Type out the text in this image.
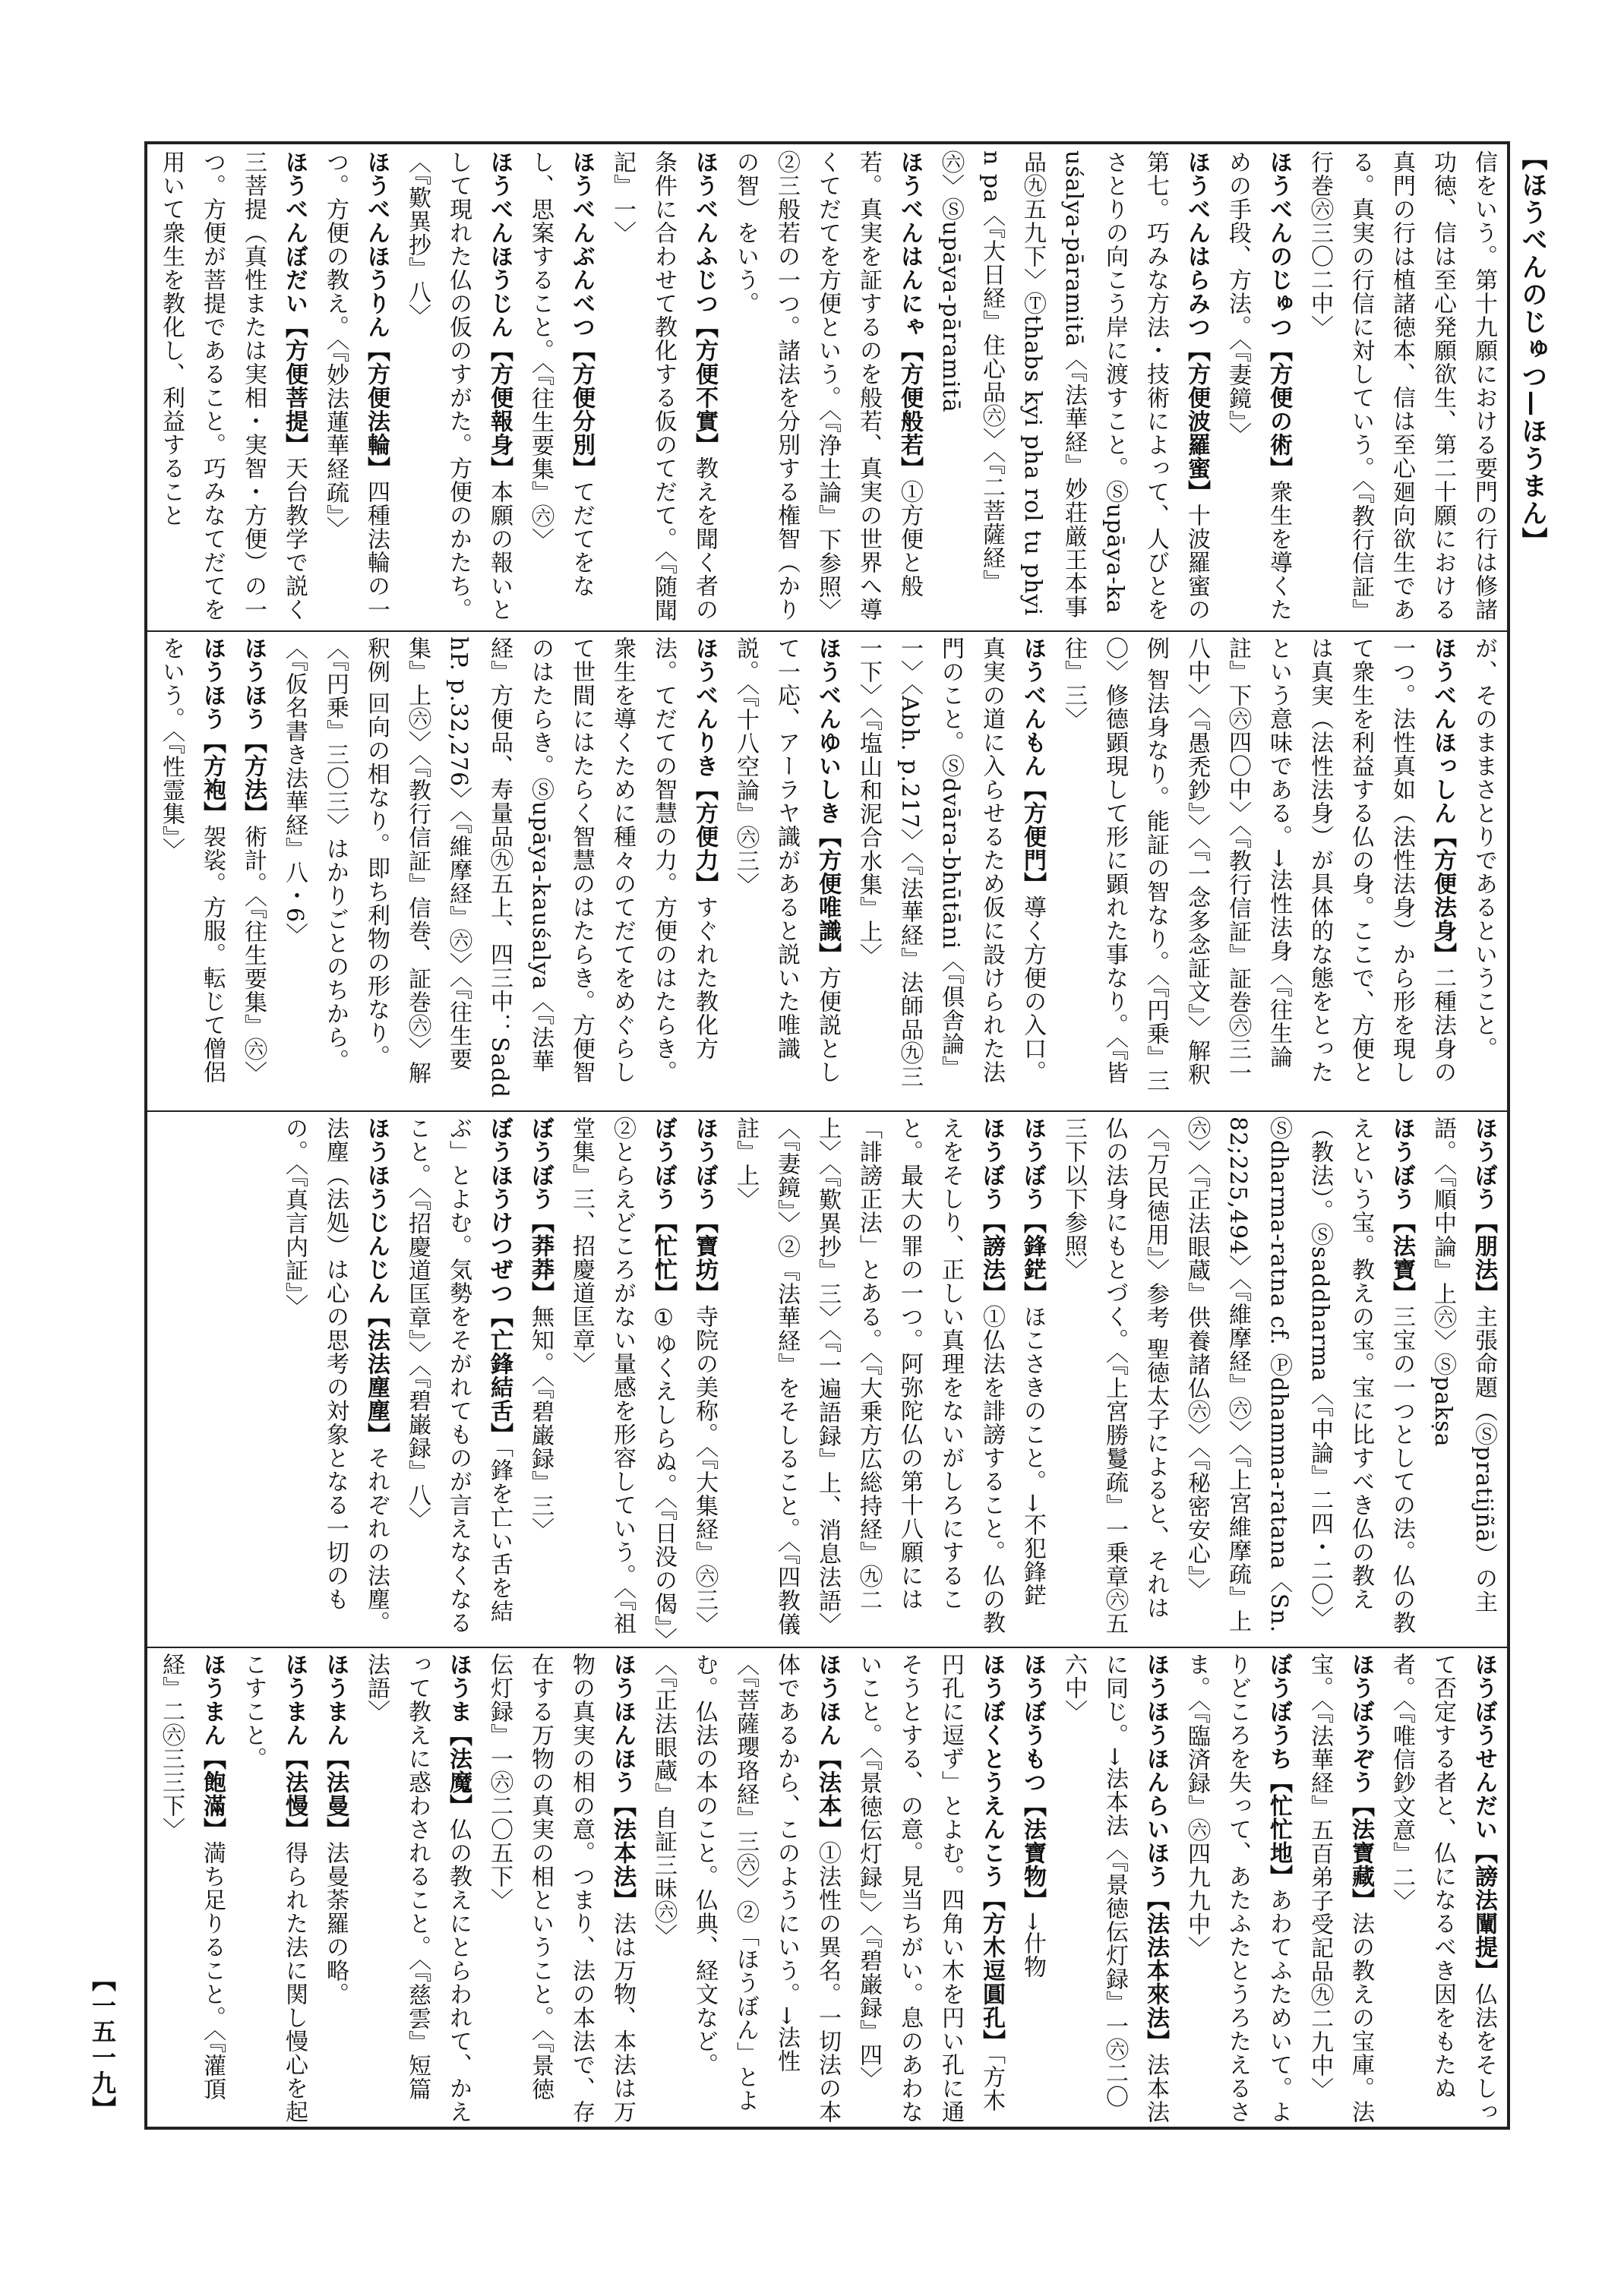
【ほうべんのじゅつ—ほうまん】
【一五一九】
信をいう。第十九願における要門の行は修諸功徳、信は至心発願欲生、第二十願における真門の行は植諸徳本、信は至心廻向欲生である。真実の行信に対していう。〈『教行信証』行巻㊅三〇二中〉
ほうべんのじゅつ【方便の術】衆生を導くための手段、方法。〈『妻鏡』〉
ほうべんはらみつ【方便波羅蜜】十波羅蜜の第七。巧みな方法・技術によって、人びとをさとりの向こう岸に渡すこと。Ⓢupāya-kauśalya-pāramitā〈『法華経』妙荘厳王本事品㊈五九下〉Ⓣthabs kyi pha rol tu phyin pa〈『大日経』住心品㊅〉〈『二菩薩経』㊅〉Ⓢupāya-pāramitā
ほうべんはんにゃ【方便般若】①方便と般若。真実を証するのを般若、真実の世界へ導くてだてを方便という。〈『浄土論』下参照〉②三般若の一つ。諸法を分別する権智（かりの智）をいう。
ほうべんふじつ【方便不實】教えを聞く者の条件に合わせて教化する仮のてだて。〈『随聞記』一〉
ほうべんぶんべつ【方便分別】てだてをなし、思案すること。〈『往生要集』㊅〉
ほうべんほうじん【方便報身】本願の報いとして現れた仏の仮のすがた。方便のかたち。〈『歎異抄』八〉
ほうべんほうりん【方便法輪】四種法輪の一つ。方便の教え。〈『妙法蓮華経疏』〉
ほうべんぼだい【方便菩提】天台教学で説く三菩提（真性または実相・実智・方便）の一つ。方便が菩提であること。巧みなてだてを用いて衆生を教化し、利益すること
が、そのままさとりであるということ。
ほうべんほっしん【方便法身】二種法身の一つ。法性真如（法性法身）から形を現して衆生を利益する仏の身。ここで、方便とは真実（法性法身）が具体的な態をとったという意味である。→法性法身〈『往生論註』下㊅四〇中〉〈『教行信証』証巻㊅三一八中〉〈『愚禿鈔』〉〈『一念多念証文』〉解釈例 智法身なり。能証の智なり。〈『円乗』三〇〉修德顕現して形に顕れた事なり。〈『皆往』三〉
ほうべんもん【方便門】導く方便の入口。真実の道に入らせるため仮に設けられた法門のこと。Ⓢdvāra-bhūtāni〈『倶舎論』一〉〈Abh. p.217〉〈『法華経』法師品㊈三一下〉〈『塩山和泥合水集』上〉
ほうべんゆいしき【方便唯識】方便説として一応、アーラヤ識があると説いた唯識説。〈『十八空論』㊅三〉
ほうべんりき【方便力】すぐれた教化方法。てだての智慧の力。方便のはたらき。衆生を導くために種々のてだてをめぐらして世間にはたらく智慧のはたらき。方便智のはたらき。Ⓢupāya-kauśalya〈『法華経』方便品、寿量品㊈五上、四三中：SaddhP. p.32,276〉〈『維摩経』㊅〉〈『往生要集』上㊅〉〈『教行信証』信巻、証巻㊅〉解釈例 回向の相なり。即ち利物の形なり。〈『円乗』三〇三〉はかりごとのちから。〈『仮名書き法華経』八・6〉
ほうほう【方法】術計。〈『往生要集』㊅〉
ほうほう【方袍】袈裟。方服。転じて僧侶をいう。〈『性霊集』〉
ほうぼう【朋法】主張命題（Ⓢpratijñā）の主語。〈『順中論』上㊅〉Ⓢpakṣa
ほうぼう【法寶】三宝の一つとしての法。仏の教えという宝。教えの宝。宝に比すべき仏の教え（教法）。Ⓢsaddharma〈『中論』二四・二〇〉Ⓢdharma-ratna cf. Ⓟdhamma-ratana〈Sn. 82;225,494〉〈『維摩経』㊅〉〈『上宮維摩疏』上㊅〉〈『正法眼蔵』供養諸仏㊅〉〈『秘密安心』〉〈『万民徳用』〉参考 聖徳太子によると、それは仏の法身にもとづく。〈『上宮勝鬘疏』一乗章㊅五三下以下参照〉
ほうぼう【鋒鋩】ほこさきのこと。→不犯鋒鋩
ほうぼう【謗法】①仏法を誹謗すること。仏の教えをそしり、正しい真理をないがしろにすること。最大の罪の一つ。阿弥陀仏の第十八願には「誹謗正法」とある。〈『大乗方広総持経』㊈二上〉〈『歎異抄』三〉〈『一遍語録』上、消息法語〉〈『妻鏡』〉②『法華経』をそしること。〈『四教儀註』上〉
ほうぼう【寶坊】寺院の美称。〈『大集経』㊅三〉
ぼうぼう【忙忙】①ゆくえしらぬ。〈『日没の偈』〉②とらえどころがない量感を形容していう。〈『祖堂集』三、招慶道匡章〉
ぼうぼう【莽莽】無知。〈『碧巌録』三〉
ぼうほうけつぜつ【亡鋒結舌】「鋒を亡い舌を結ぶ」とよむ。気勢をそがれてものが言えなくなること。〈『招慶道匡章』〉〈『碧巌録』八〉
ほうほうじんじん【法法塵塵】それぞれの法塵。法塵（法処）は心の思考の対象となる一切のもの。〈『真言内証』〉
ほうぼうせんだい【謗法闡提】仏法をそしって否定する者と、仏になるべき因をもたぬ者。〈『唯信鈔文意』二〉
ほうぼうぞう【法寶藏】法の教えの宝庫。法宝。〈『法華経』五百弟子受記品㊈二九中〉
ぼうぼうち【忙忙地】あわてふためいて。よりどころを失って、あたふたとうろたえるさま。〈『臨済録』㊅四九九中〉
ほうほうほんらいほう【法法本來法】法本法に同じ。→法本法〈『景徳伝灯録』一㊅二〇六中〉
ほうぼうもつ【法寶物】→什物
ほうぼくとうえんこう【方木逗圓孔】「方木円孔に逗ず」とよむ。四角い木を円い孔に通そうとする、の意。見当ちがい。息のあわないこと。〈『景徳伝灯録』〉〈『碧巌録』四〉
ほうほん【法本】①法性の異名。一切法の本体であるから、このようにいう。→法性〈『菩薩瓔珞経』三㊅〉②「ほうぼん」とよむ。仏法の本のこと。仏典、経文など。〈『正法眼蔵』自証三昧㊅〉
ほうほんほう【法本法】法は万物、本法は万物の真実の相の意。つまり、法の本法で、存在する万物の真実の相ということ。〈『景徳伝灯録』一㊅二〇五下〉
ほうま【法魔】仏の教えにとらわれて、かえって教えに惑わされること。〈『慈雲』短篇法語〉
ほうまん【法曼】法曼荼羅の略。
ほうまん【法慢】得られた法に関し慢心を起こすこと。
ほうまん【飽滿】満ち足りること。〈『灌頂経』二㊅三三下〉
